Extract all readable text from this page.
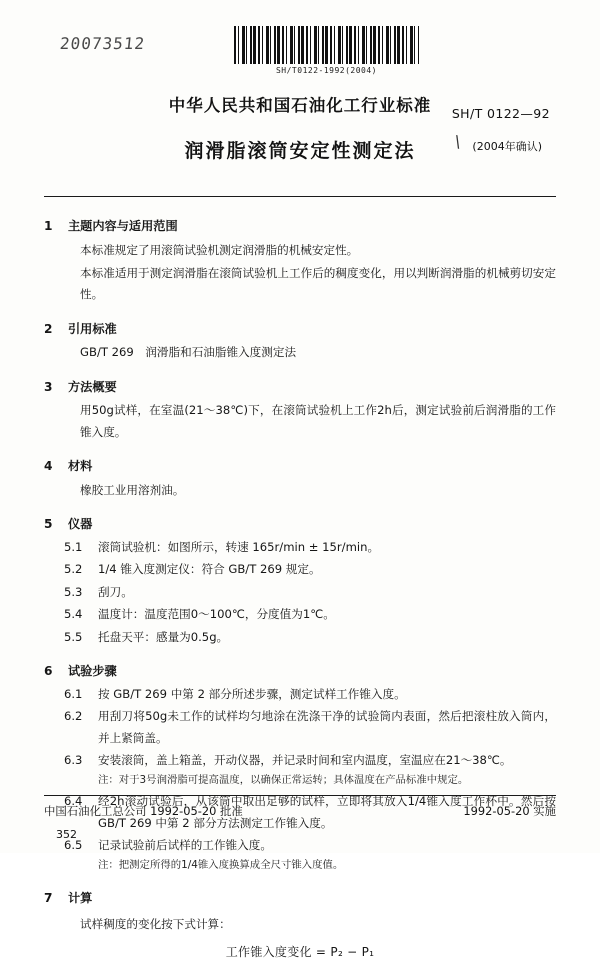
20073512
SH/T0122-1992(2004)
中华人民共和国石油化工行业标准	SH/T 0122—92
润滑脂滚筒安定性测定法	\ (2004年确认)
1	主题内容与适用范围
本标准规定了用滚筒试验机测定润滑脂的机械安定性。
本标准适用于测定润滑脂在滚筒试验机上工作后的稠度变化，用以判断润滑脂的机械剪切安定性。
2	引用标准
GB/T 269　润滑脂和石油脂锥入度测定法
3	方法概要
用50g试样，在室温(21～38℃)下，在滚筒试验机上工作2h后，测定试验前后润滑脂的工作锥入度。
4	材料
橡胶工业用溶剂油。
5	仪器
5.1	滚筒试验机：如图所示，转速 165r/min ± 15r/min。
5.2	1/4 锥入度测定仪：符合 GB/T 269 规定。
5.3	刮刀。
5.4	温度计：温度范围0～100℃，分度值为1℃。
5.5	托盘天平：感量为0.5g。
6	试验步骤
6.1	按 GB/T 269 中第 2 部分所述步骤，测定试样工作锥入度。
6.2	用刮刀将50g未工作的试样均匀地涂在洗涤干净的试验筒内表面，然后把滚柱放入筒内，并上紧筒盖。
6.3	安装滚筒，盖上箱盖，开动仪器，并记录时间和室内温度，室温应在21～38℃。
注：对于3号润滑脂可提高温度，以确保正常运转；具体温度在产品标准中规定。
6.4	经2h滚动试验后，从该筒中取出足够的试样，立即将其放入1/4锥入度工作杯中。然后按GB/T 269 中第 2 部分方法测定工作锥入度。
6.5	记录试验前后试样的工作锥入度。
注：把测定所得的1/4锥入度换算成全尺寸锥入度值。
7	计算
试样稠度的变化按下式计算：
工作锥入度变化 = P₂ − P₁
中国石油化工总公司 1992-05-20 批准	1992-05-20 实施
352
